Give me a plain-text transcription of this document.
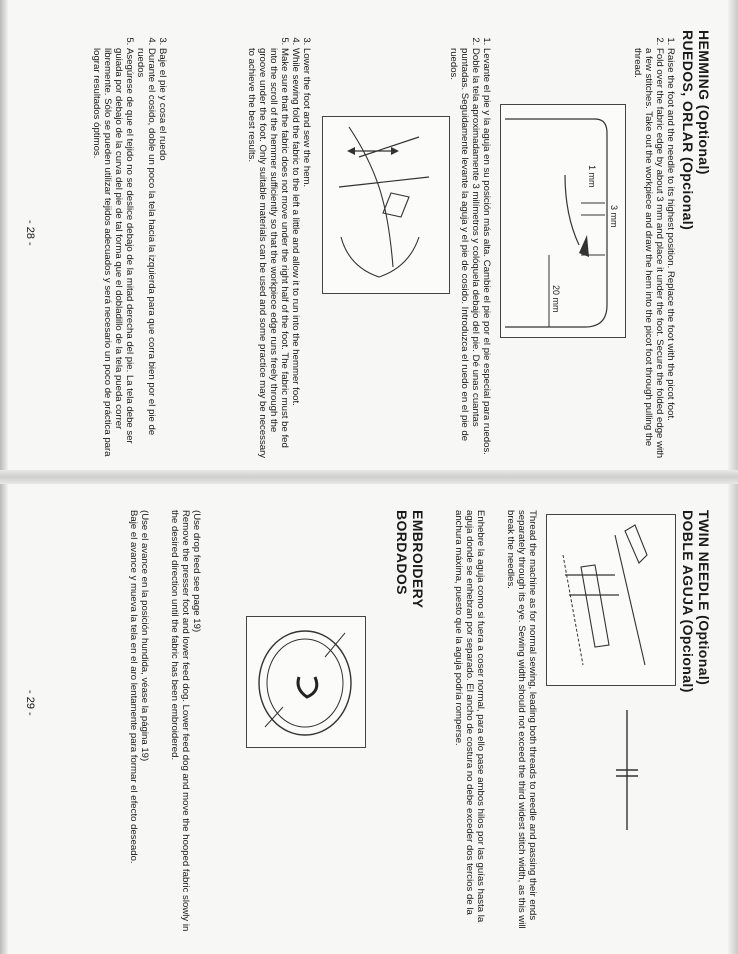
HEMMING (Optional)
RUEDOS, ORLAR (Opcional)
1. Raise the foot and the needle to its highest position. Replace the foot with the picot foot.
2. Fold over the fabric edge by about 3 mm and place it under the foot. Secure the folded edge with a few stitches. Take out the workpiece and draw the hem into the picot foot through pulling the thread.
20 mm
3 mm
1 mm
1. Levante el pie y la aguja en su posición más alta. Cambie el pie por el pie especial para ruedos.
2. Doble la tela aproximadamente 3 milímetros y colóquela debajo del pie. Dé unas cuantas puntadas. Seguidamente levante la aguja y el pie de cosido. Introduzca el ruedo en el pie de ruedos.
3. Lower the foot and sew the hem.
4. While sewing fold the fabric to the left a little and allow it to run into the hemmer foot.
5. Make sure that the fabric does not move under the right half of the foot. The fabric must be fed into the scroll of the hemmer sufficiently so that the workpiece edge runs freely through the groove under the foot. Only suitable materials can be used and some practice may be necessary to achieve the best results.
3. Baje el pie y cosa el ruedo
4. Durante el cosido, doble un poco la tela hacia la izquierda para que corra bien por el pie de ruedos
5. Asegúrese de que el tejido no se deslice debajo de la mitad derecha del pie. La tela debe ser guiada por debajo de la curva del pie de tal forma que el dobladillo de la tela pueda correr libremente. Sólo se pueden utilizar tejidos adecuados y será necesario un poco de práctica para lograr resultados óptimos.
- 28 -
TWIN NEEDLE (Optional)
DOBLE AGUJA (Opcional)
Thread the machine as for normal sewing, leading both threads to needle and passing their ends separately through its eye. Sewing width should not exceed the third widest stitch width, as this will break the needles.
Enhebre la aguja como si fuera a coser normal, para ello pase ambos hilos por las guías hasta la aguja donde se enhebran por separado. El ancho de costura no debe exceder dos tercios de la anchura máxima, puesto que la aguja podría romperse.
EMBROIDERY
BORDADOS
(Use drop feed see page 19)
Remove the presser foot and lower feed dog. Lower feed dog and move the hooped fabric slowly in the desired direction until the fabric has been embroidered.
(Use el avance en la posición hundida, véase la página 19)
Baje el avance y mueva la tela en el aro lentamente para formar el efecto deseado.
- 29 -
